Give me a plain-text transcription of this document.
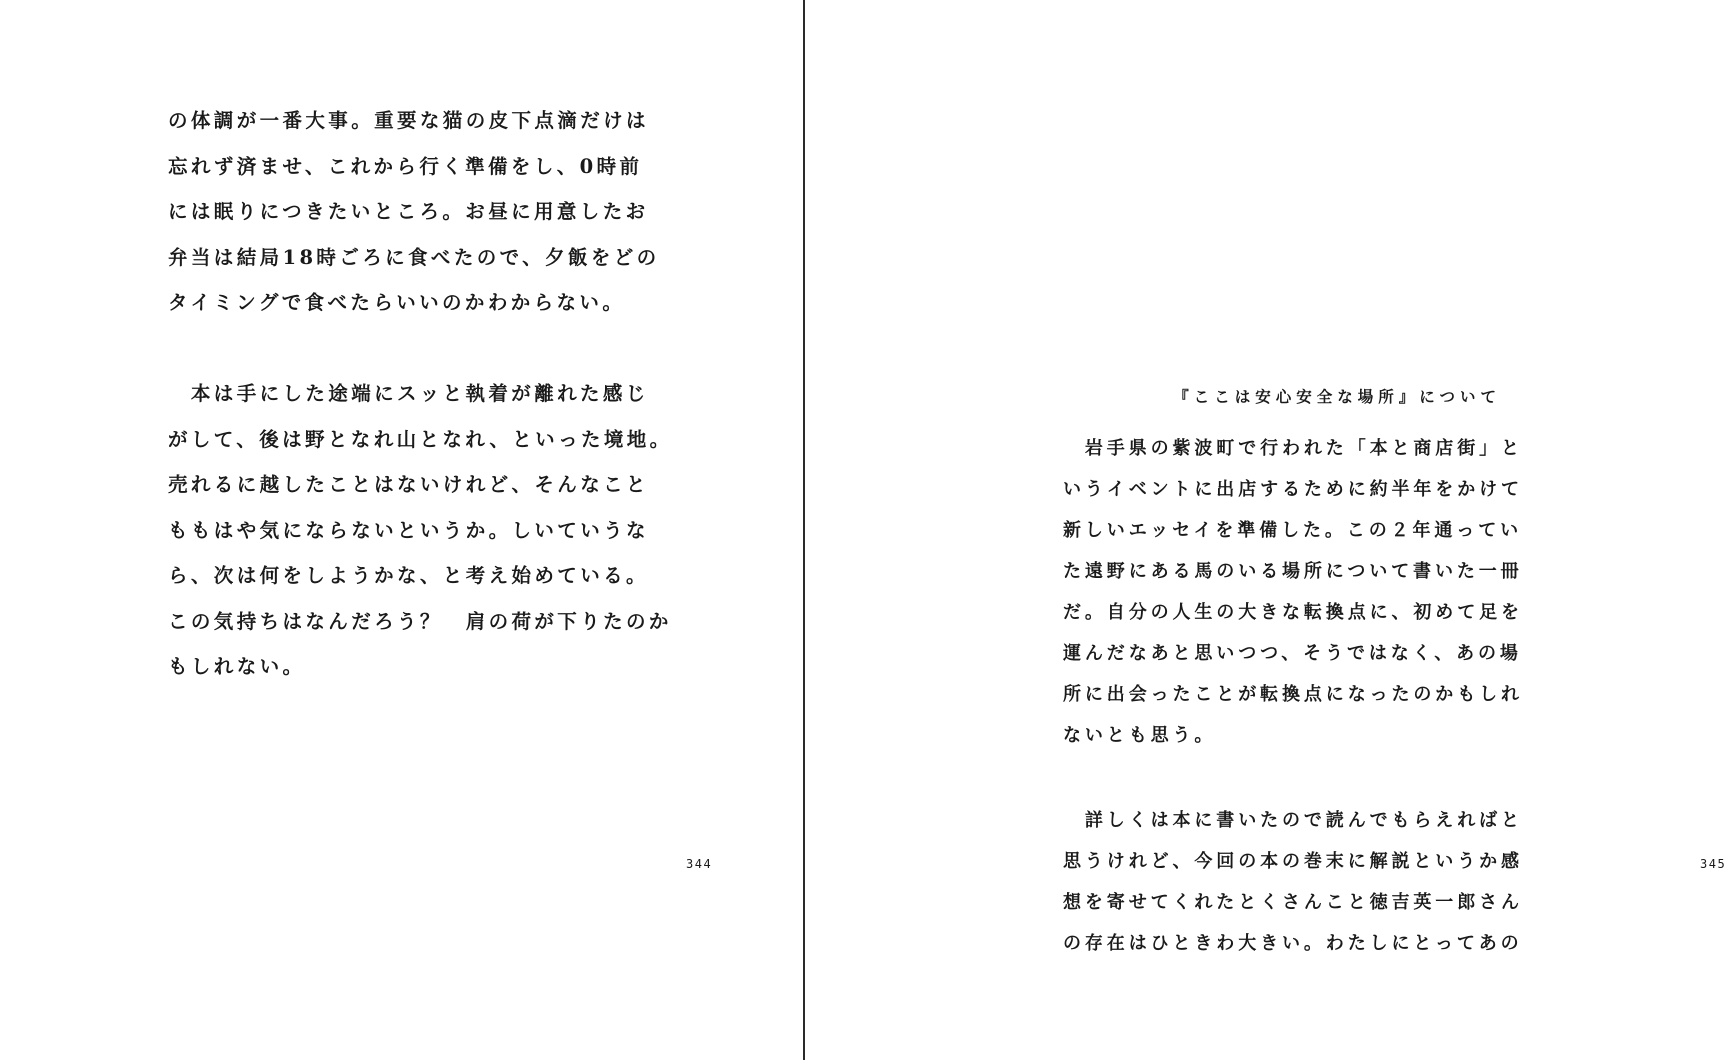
の体調が一番大事。重要な猫の皮下点滴だけは
忘れず済ませ、これから行く準備をし、0時前
には眠りにつきたいところ。お昼に用意したお
弁当は結局18時ごろに食べたので、夕飯をどの
タイミングで食べたらいいのかわからない。
　本は手にした途端にスッと執着が離れた感じ
がして、後は野となれ山となれ、といった境地。
売れるに越したことはないけれど、そんなこと
ももはや気にならないというか。しいていうな
ら、次は何をしようかな、と考え始めている。
この気持ちはなんだろう？　肩の荷が下りたのか
もしれない。
344	345
『ここは安心安全な場所』について
　岩手県の紫波町で行われた「本と商店街」と
いうイベントに出店するために約半年をかけて
新しいエッセイを準備した。この２年通ってい
た遠野にある馬のいる場所について書いた一冊
だ。自分の人生の大きな転換点に、初めて足を
運んだなあと思いつつ、そうではなく、あの場
所に出会ったことが転換点になったのかもしれ
ないとも思う。
　詳しくは本に書いたので読んでもらえればと
思うけれど、今回の本の巻末に解説というか感
想を寄せてくれたとくさんこと徳吉英一郎さん
の存在はひときわ大きい。わたしにとってあの
